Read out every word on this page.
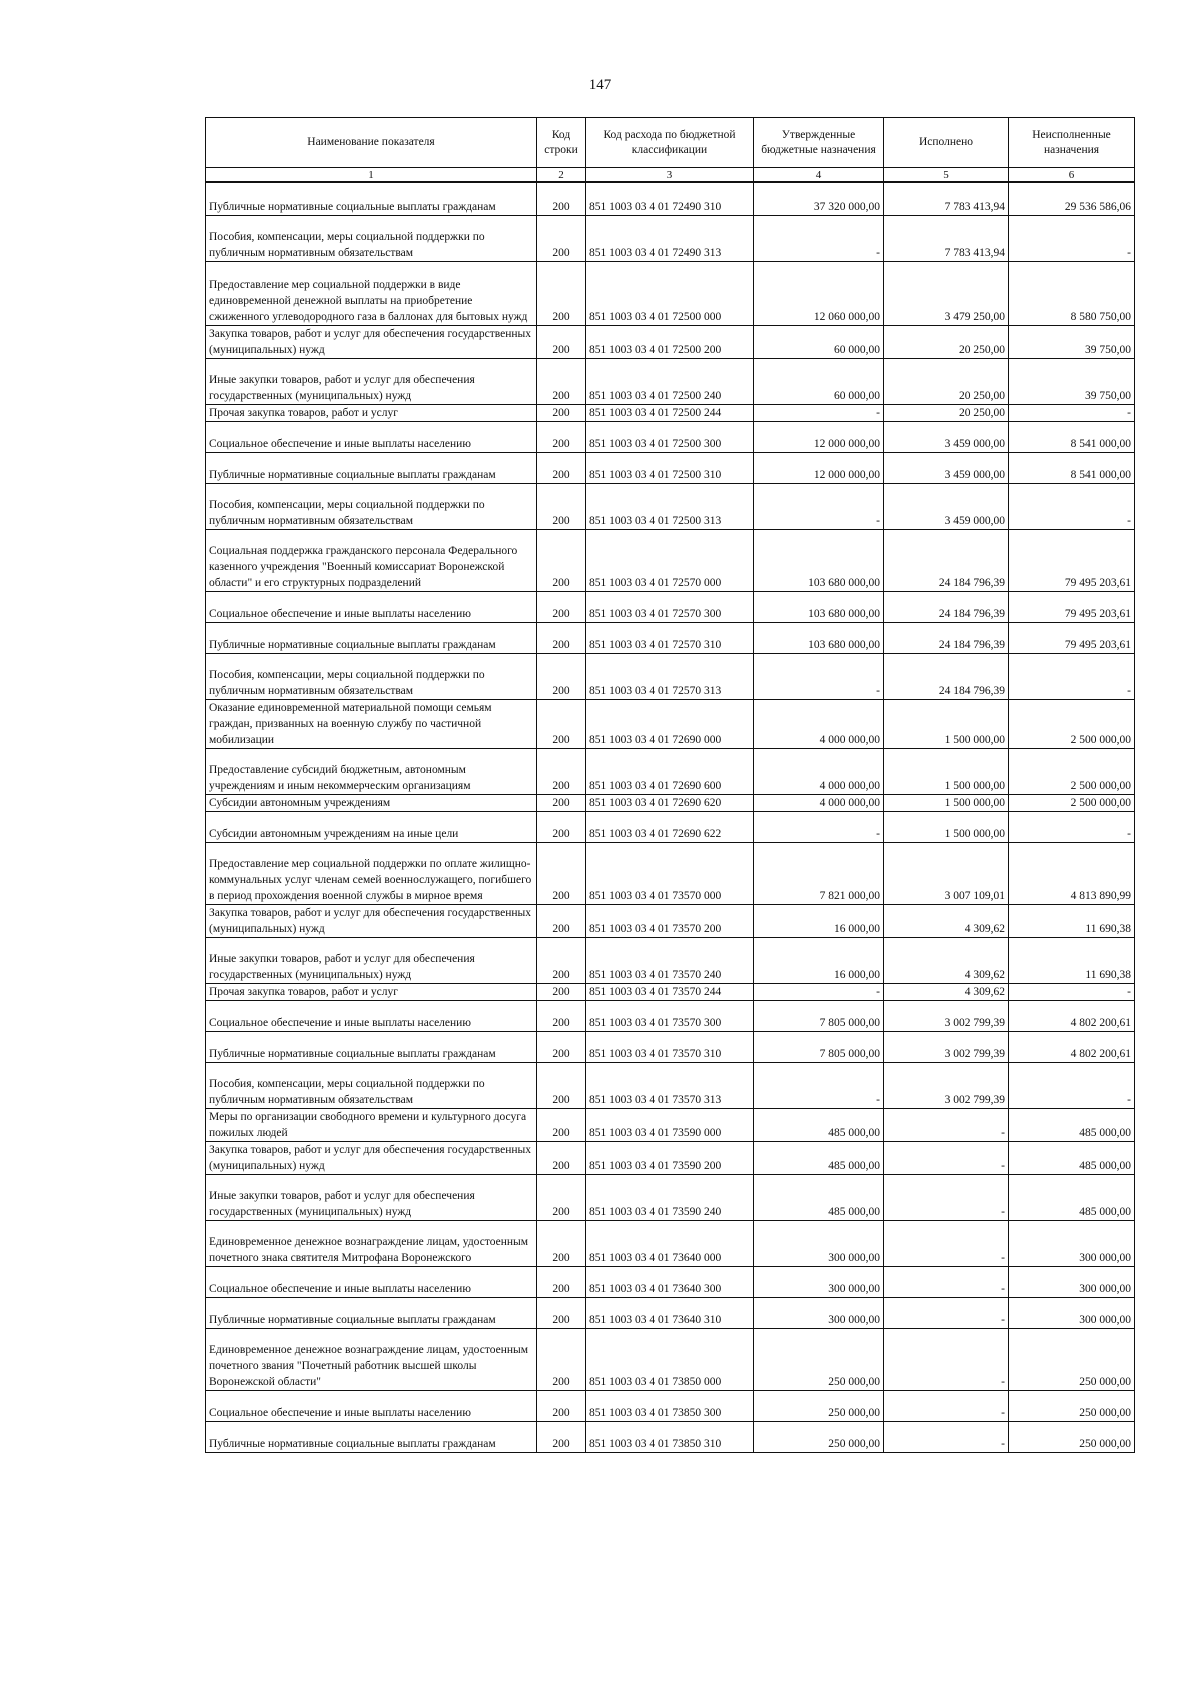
147
Наименование показателя	Код строки	Код расхода по бюджетной классификации	Утвержденные бюджетные назначения	Исполнено	Неисполненные назначения
1	2	3	4	5	6
Публичные нормативные социальные выплаты гражданам	200	851 1003 03 4 01 72490 310	37 320 000,00	7 783 413,94	29 536 586,06
Пособия, компенсации, меры социальной поддержки по публичным нормативным обязательствам	200	851 1003 03 4 01 72490 313	-	7 783 413,94	-
Предоставление мер социальной поддержки в виде единовременной денежной выплаты на приобретение сжиженного углеводородного газа в баллонах для бытовых нужд	200	851 1003 03 4 01 72500 000	12 060 000,00	3 479 250,00	8 580 750,00
Закупка товаров, работ и услуг для обеспечения государственных (муниципальных) нужд	200	851 1003 03 4 01 72500 200	60 000,00	20 250,00	39 750,00
Иные закупки товаров, работ и услуг для обеспечения государственных (муниципальных) нужд	200	851 1003 03 4 01 72500 240	60 000,00	20 250,00	39 750,00
Прочая закупка товаров, работ и услуг	200	851 1003 03 4 01 72500 244	-	20 250,00	-
Социальное обеспечение и иные выплаты населению	200	851 1003 03 4 01 72500 300	12 000 000,00	3 459 000,00	8 541 000,00
Публичные нормативные социальные выплаты гражданам	200	851 1003 03 4 01 72500 310	12 000 000,00	3 459 000,00	8 541 000,00
Пособия, компенсации, меры социальной поддержки по публичным нормативным обязательствам	200	851 1003 03 4 01 72500 313	-	3 459 000,00	-
Социальная поддержка гражданского персонала Федерального казенного учреждения "Военный комиссариат Воронежской области" и его структурных подразделений	200	851 1003 03 4 01 72570 000	103 680 000,00	24 184 796,39	79 495 203,61
Социальное обеспечение и иные выплаты населению	200	851 1003 03 4 01 72570 300	103 680 000,00	24 184 796,39	79 495 203,61
Публичные нормативные социальные выплаты гражданам	200	851 1003 03 4 01 72570 310	103 680 000,00	24 184 796,39	79 495 203,61
Пособия, компенсации, меры социальной поддержки по публичным нормативным обязательствам	200	851 1003 03 4 01 72570 313	-	24 184 796,39	-
Оказание единовременной материальной помощи семьям граждан, призванных на военную службу по частичной мобилизации	200	851 1003 03 4 01 72690 000	4 000 000,00	1 500 000,00	2 500 000,00
Предоставление субсидий бюджетным, автономным учреждениям и иным некоммерческим организациям	200	851 1003 03 4 01 72690 600	4 000 000,00	1 500 000,00	2 500 000,00
Субсидии автономным учреждениям	200	851 1003 03 4 01 72690 620	4 000 000,00	1 500 000,00	2 500 000,00
Субсидии автономным учреждениям на иные цели	200	851 1003 03 4 01 72690 622	-	1 500 000,00	-
Предоставление мер социальной поддержки по оплате жилищно-коммунальных услуг членам семей военнослужащего, погибшего в период прохождения военной службы в мирное время	200	851 1003 03 4 01 73570 000	7 821 000,00	3 007 109,01	4 813 890,99
Закупка товаров, работ и услуг для обеспечения государственных (муниципальных) нужд	200	851 1003 03 4 01 73570 200	16 000,00	4 309,62	11 690,38
Иные закупки товаров, работ и услуг для обеспечения государственных (муниципальных) нужд	200	851 1003 03 4 01 73570 240	16 000,00	4 309,62	11 690,38
Прочая закупка товаров, работ и услуг	200	851 1003 03 4 01 73570 244	-	4 309,62	-
Социальное обеспечение и иные выплаты населению	200	851 1003 03 4 01 73570 300	7 805 000,00	3 002 799,39	4 802 200,61
Публичные нормативные социальные выплаты гражданам	200	851 1003 03 4 01 73570 310	7 805 000,00	3 002 799,39	4 802 200,61
Пособия, компенсации, меры социальной поддержки по публичным нормативным обязательствам	200	851 1003 03 4 01 73570 313	-	3 002 799,39	-
Меры по организации свободного времени и культурного досуга пожилых людей	200	851 1003 03 4 01 73590 000	485 000,00	-	485 000,00
Закупка товаров, работ и услуг для обеспечения государственных (муниципальных) нужд	200	851 1003 03 4 01 73590 200	485 000,00	-	485 000,00
Иные закупки товаров, работ и услуг для обеспечения государственных (муниципальных) нужд	200	851 1003 03 4 01 73590 240	485 000,00	-	485 000,00
Единовременное денежное вознаграждение лицам, удостоенным почетного знака святителя Митрофана Воронежского	200	851 1003 03 4 01 73640 000	300 000,00	-	300 000,00
Социальное обеспечение и иные выплаты населению	200	851 1003 03 4 01 73640 300	300 000,00	-	300 000,00
Публичные нормативные социальные выплаты гражданам	200	851 1003 03 4 01 73640 310	300 000,00	-	300 000,00
Единовременное денежное вознаграждение лицам, удостоенным почетного звания "Почетный работник высшей школы Воронежской области"	200	851 1003 03 4 01 73850 000	250 000,00	-	250 000,00
Социальное обеспечение и иные выплаты населению	200	851 1003 03 4 01 73850 300	250 000,00	-	250 000,00
Публичные нормативные социальные выплаты гражданам	200	851 1003 03 4 01 73850 310	250 000,00	-	250 000,00
